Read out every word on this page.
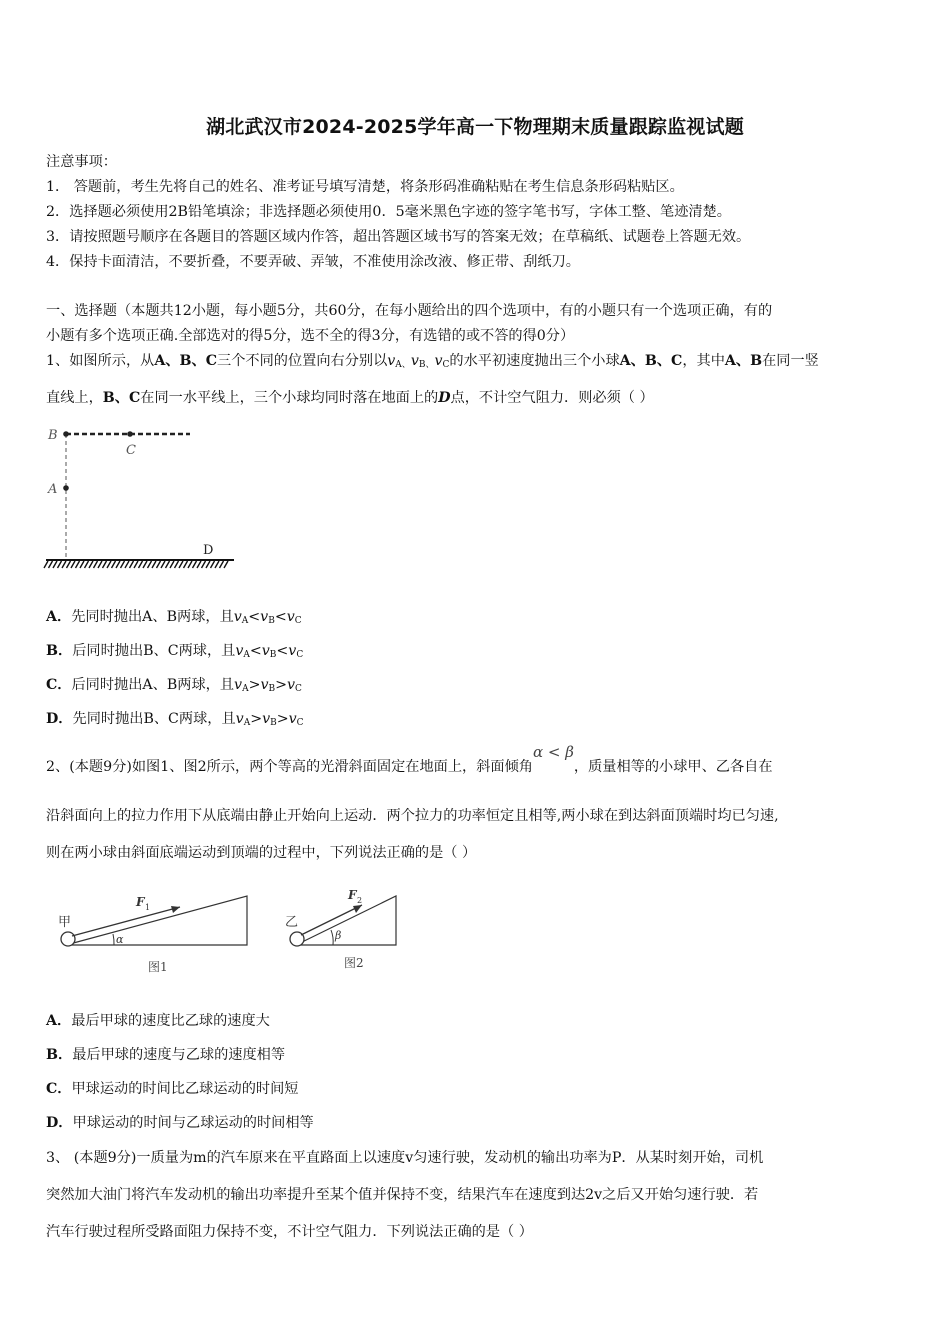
湖北武汉市2024-2025学年高一下物理期末质量跟踪监视试题
注意事项：
1． 答题前，考生先将自己的姓名、准考证号填写清楚，将条形码准确粘贴在考生信息条形码粘贴区。
2．选择题必须使用2B铅笔填涂；非选择题必须使用0．5毫米黑色字迹的签字笔书写，字体工整、笔迹清楚。
3．请按照题号顺序在各题目的答题区域内作答，超出答题区域书写的答案无效；在草稿纸、试题卷上答题无效。
4．保持卡面清洁，不要折叠，不要弄破、弄皱，不准使用涂改液、修正带、刮纸刀。
一、选择题（本题共12小题，每小题5分，共60分，在每小题给出的四个选项中，有的小题只有一个选项正确，有的
小题有多个选项正确.全部选对的得5分，选不全的得3分，有选错的或不答的得0分）
1、如图所示，从A、B、C三个不同的位置向右分别以$v_{A、}v_{B、}v_C$的水平初速度抛出三个小球A、B、C，其中A、B在同一竖
直线上，B、C在同一水平线上，三个小球均同时落在地面上的D点，不计空气阻力．则必须（ ）
B
C
A
D
A．先同时抛出A、B两球，且$v_A<v_B<v_C$
B．后同时抛出B、C两球，且$v_A<v_B<v_C$
C．后同时抛出A、B两球，且$v_A>v_B>v_C$
D．先同时抛出B、C两球，且$v_A>v_B>v_C$
2、(本题9分)如图1、图2所示，两个等高的光滑斜面固定在地面上，斜面倾角α < β，质量相等的小球甲、乙各自在
沿斜面向上的拉力作用下从底端由静止开始向上运动．两个拉力的功率恒定且相等,两小球在到达斜面顶端时均已匀速,
则在两小球由斜面底端运动到顶端的过程中，下列说法正确的是（ ）
甲
F 1
α
图1
乙
F 2
β
图2
A．最后甲球的速度比乙球的速度大
B．最后甲球的速度与乙球的速度相等
C．甲球运动的时间比乙球运动的时间短
D．甲球运动的时间与乙球运动的时间相等
3、 (本题9分)一质量为m的汽车原来在平直路面上以速度v匀速行驶，发动机的输出功率为P．从某时刻开始，司机
突然加大油门将汽车发动机的输出功率提升至某个值并保持不变，结果汽车在速度到达2v之后又开始匀速行驶．若
汽车行驶过程所受路面阻力保持不变，不计空气阻力．下列说法正确的是（ ）
